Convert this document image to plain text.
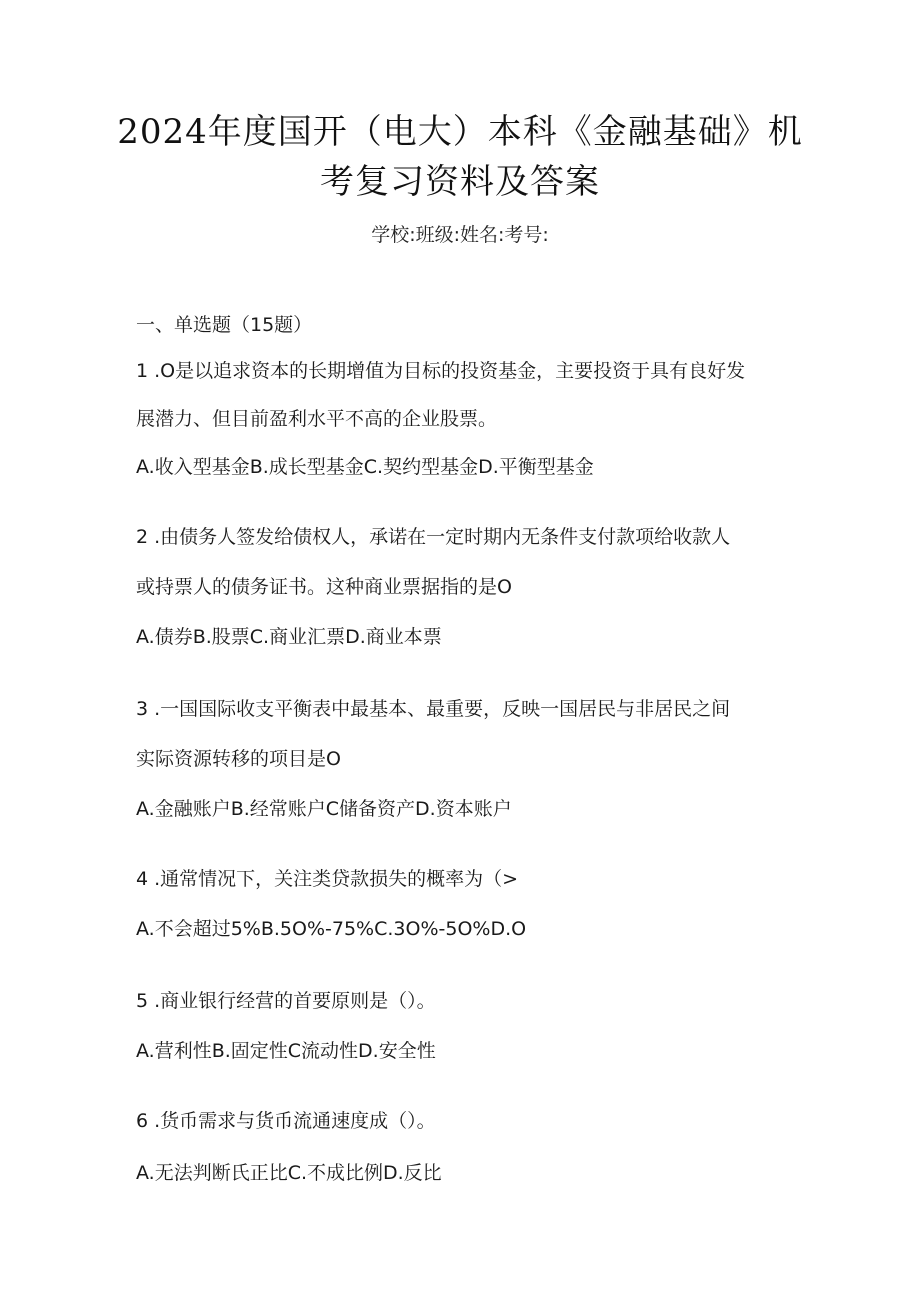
2024年度国开（电大）本科《金融基础》机
考复习资料及答案
学校:班级:姓名:考号:
一、单选题（15题）
1 .O是以追求资本的长期增值为目标的投资基金，主要投资于具有良好发
展潜力、但目前盈利水平不高的企业股票。
A.收入型基金B.成长型基金C.契约型基金D.平衡型基金
2 .由债务人签发给债权人，承诺在一定时期内无条件支付款项给收款人
或持票人的债务证书。这种商业票据指的是O
A.债券B.股票C.商业汇票D.商业本票
3 .一国国际收支平衡表中最基本、最重要，反映一国居民与非居民之间
实际资源转移的项目是O
A.金融账户B.经常账户C储备资产D.资本账户
4 .通常情况下，关注类贷款损失的概率为（>
A.不会超过5%B.5O%-75%C.3O%-5O%D.O
5 .商业银行经营的首要原则是（）。
A.营利性B.固定性C流动性D.安全性
6 .货币需求与货币流通速度成（）。
A.无法判断氏正比C.不成比例D.反比
